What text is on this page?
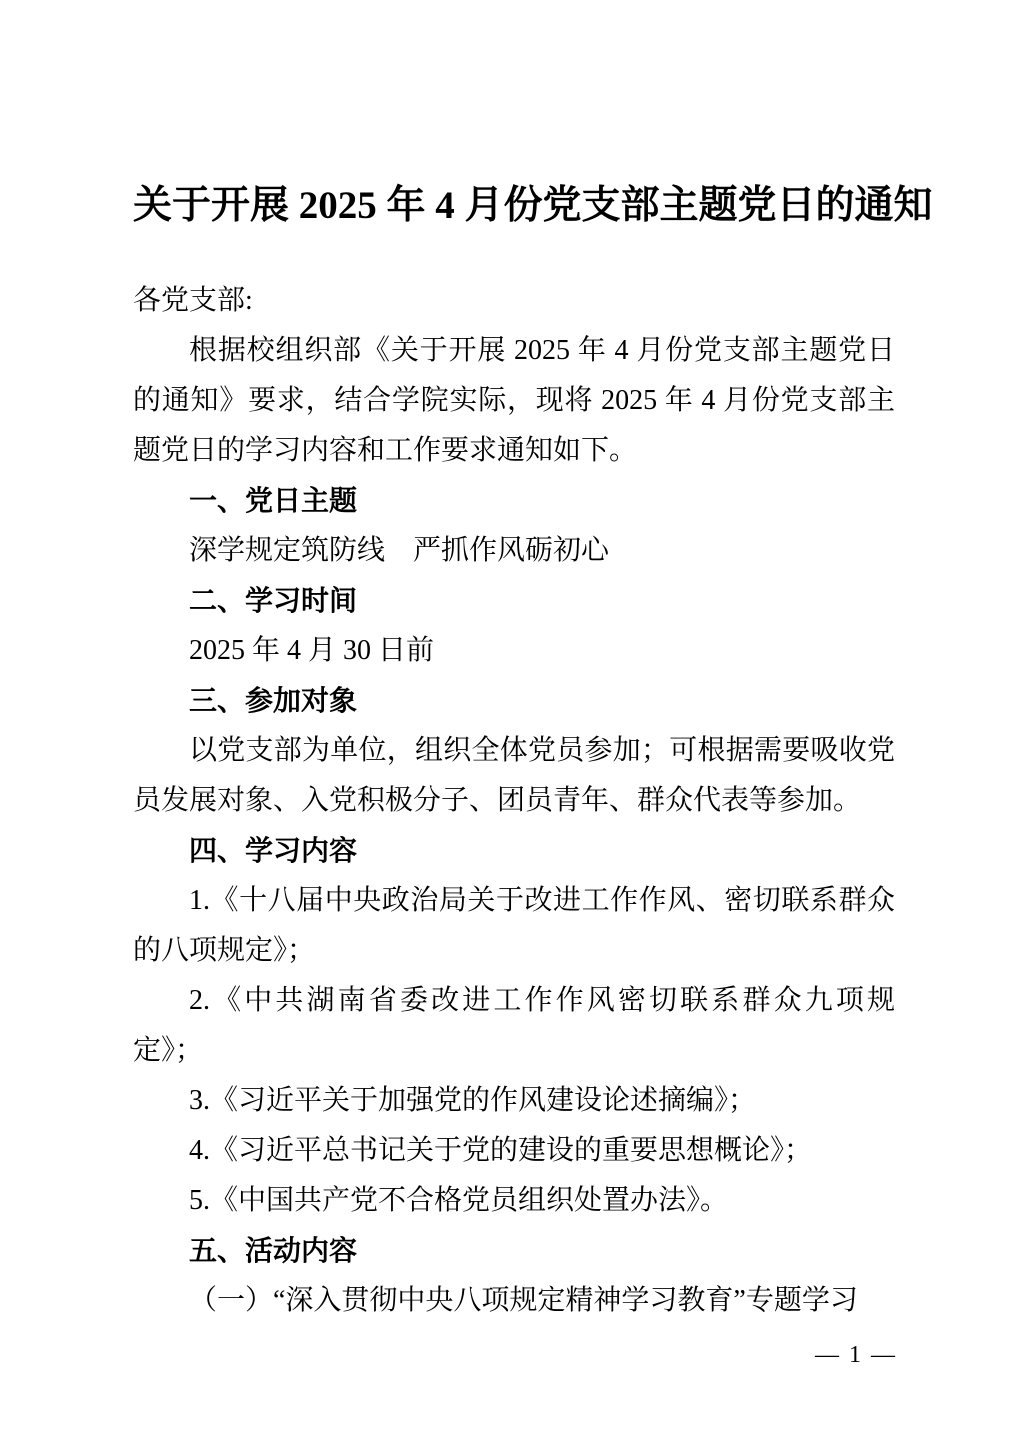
关于开展 2025 年 4 月份党支部主题党日的通知

各党支部:

根据校组织部《关于开展 2025 年 4 月份党支部主题党日的通知》要求，结合学院实际，现将 2025 年 4 月份党支部主题党日的学习内容和工作要求通知如下。

一、党日主题

深学规定筑防线　严抓作风砺初心

二、学习时间

2025 年 4 月 30 日前

三、参加对象

以党支部为单位，组织全体党员参加；可根据需要吸收党员发展对象、入党积极分子、团员青年、群众代表等参加。

四、学习内容

1.《十八届中央政治局关于改进工作作风、密切联系群众的八项规定》；

2.《中共湖南省委改进工作作风密切联系群众九项规定》；

3.《习近平关于加强党的作风建设论述摘编》；

4.《习近平总书记关于党的建设的重要思想概论》；

5.《中国共产党不合格党员组织处置办法》。

五、活动内容

（一）“深入贯彻中央八项规定精神学习教育”专题学习

— 1 —
